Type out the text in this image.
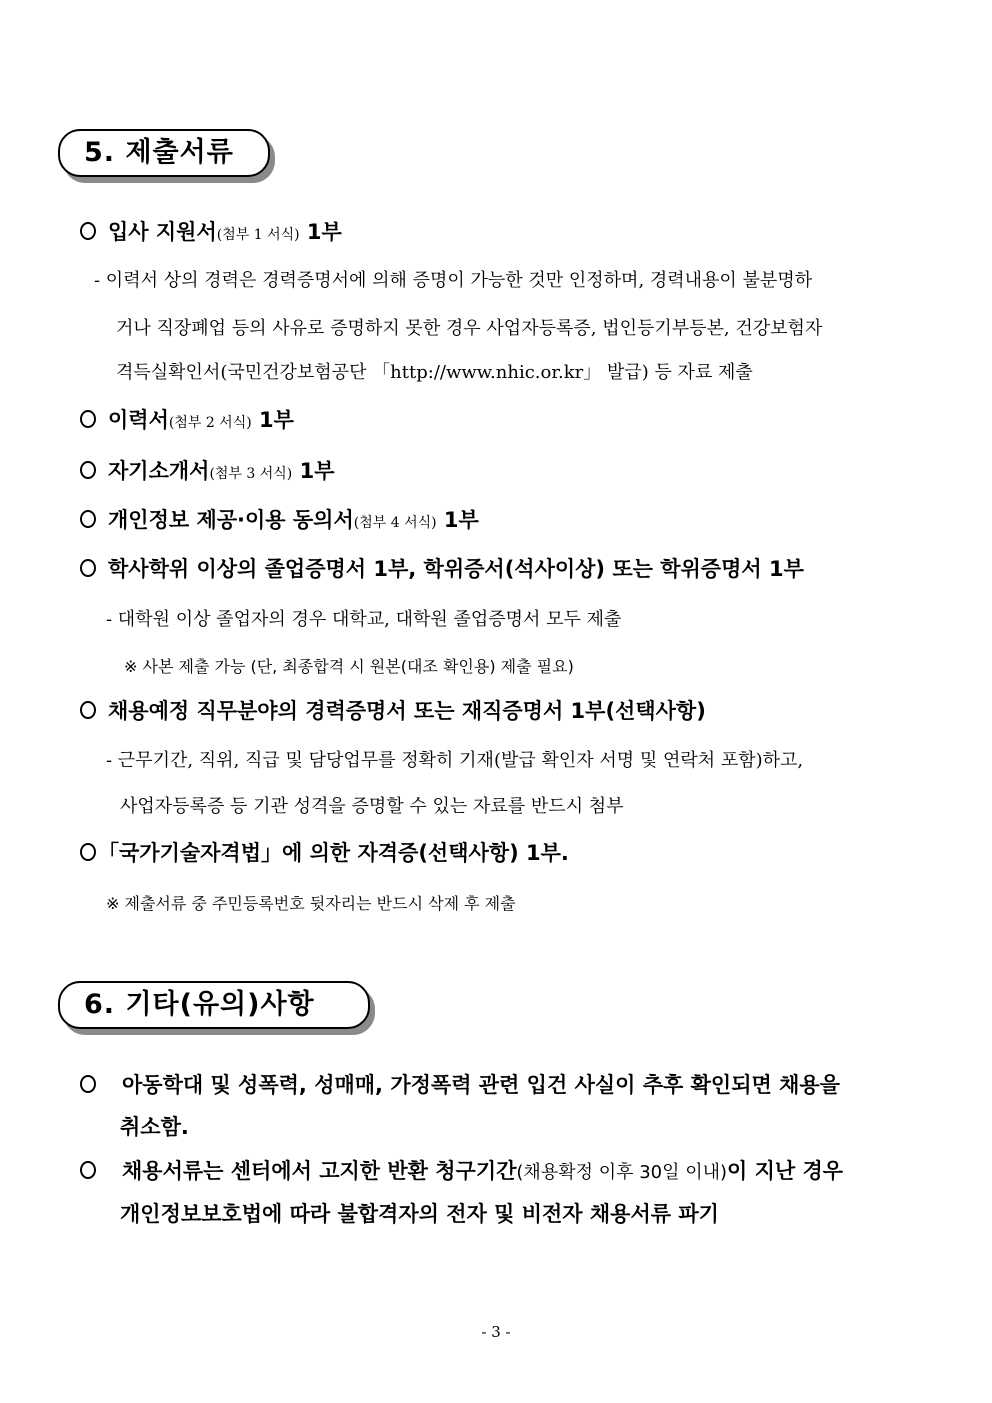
5. 제출서류
입사 지원서(첨부 1 서식) 1부
- 이력서 상의 경력은 경력증명서에 의해 증명이 가능한 것만 인정하며, 경력내용이 불분명하
거나 직장폐업 등의 사유로 증명하지 못한 경우 사업자등록증, 법인등기부등본, 건강보험자
격득실확인서(국민건강보험공단 「http://www.nhic.or.kr」 발급) 등 자료 제출
이력서(첨부 2 서식) 1부
자기소개서(첨부 3 서식) 1부
개인정보 제공·이용 동의서(첨부 4 서식) 1부
학사학위 이상의 졸업증명서 1부, 학위증서(석사이상) 또는 학위증명서 1부
- 대학원 이상 졸업자의 경우 대학교, 대학원 졸업증명서 모두 제출
※ 사본 제출 가능 (단, 최종합격 시 원본(대조 확인용) 제출 필요)
채용예정 직무분야의 경력증명서 또는 재직증명서 1부(선택사항)
- 근무기간, 직위, 직급 및 담당업무를 정확히 기재(발급 확인자 서명 및 연락처 포함)하고,
사업자등록증 등 기관 성격을 증명할 수 있는 자료를 반드시 첨부
「국가기술자격법」에 의한 자격증(선택사항) 1부.
※ 제출서류 중 주민등록번호 뒷자리는 반드시 삭제 후 제출
6. 기타(유의)사항
아동학대 및 성폭력, 성매매, 가정폭력 관련 입건 사실이 추후 확인되면 채용을
취소함.
채용서류는 센터에서 고지한 반환 청구기간(채용확정 이후 30일 이내)이 지난 경우
개인정보보호법에 따라 불합격자의 전자 및 비전자 채용서류 파기
- 3 -
